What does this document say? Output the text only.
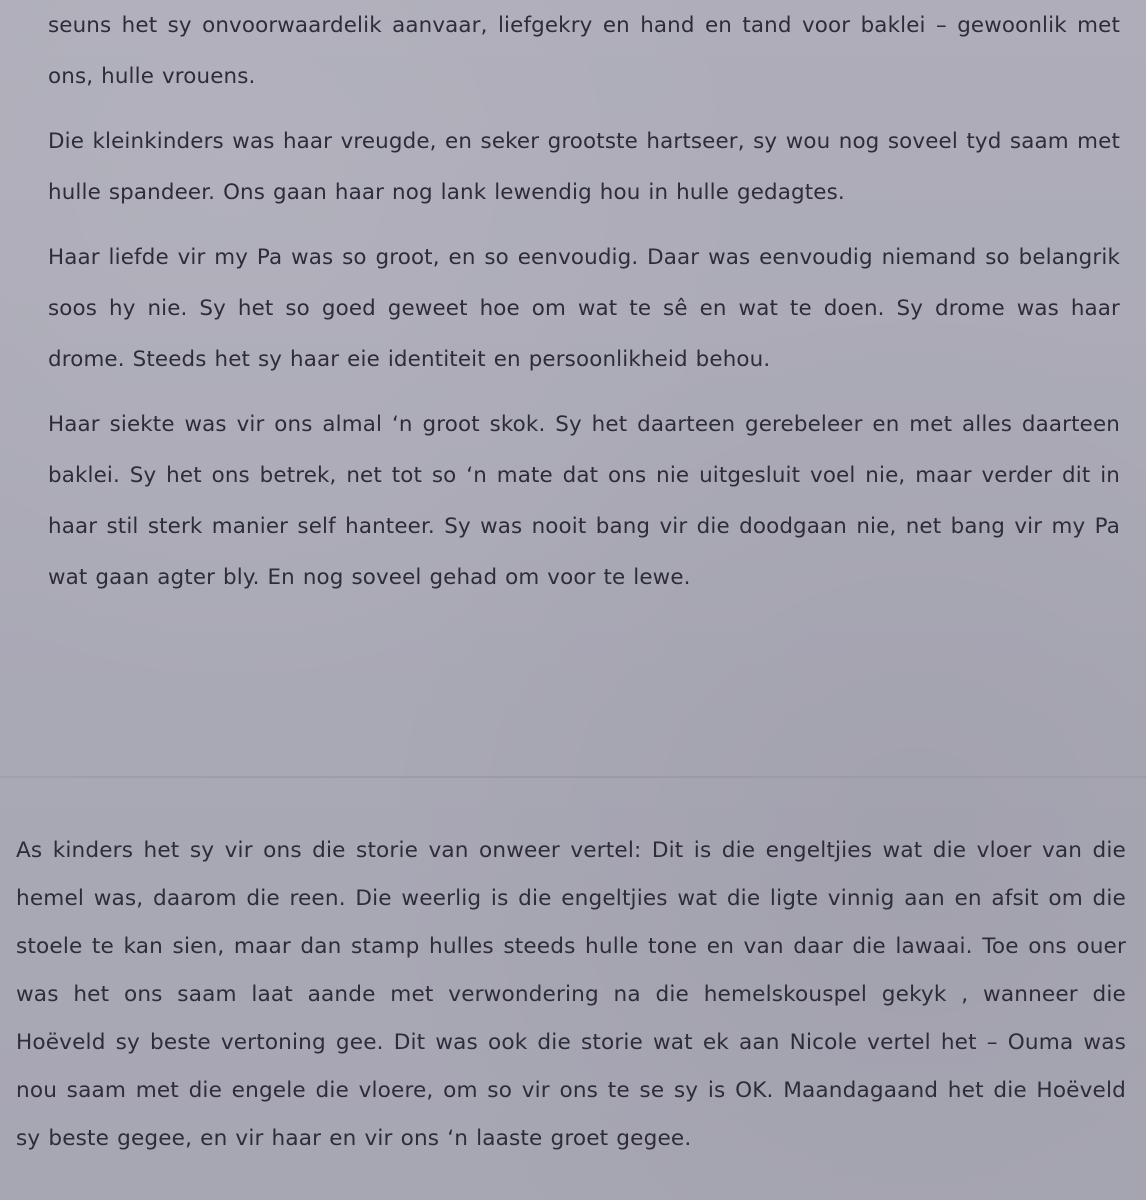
seuns het sy onvoorwaardelik aanvaar, liefgekry en hand en tand voor baklei – gewoonlik met ons, hulle vrouens.

Die kleinkinders was haar vreugde, en seker grootste hartseer, sy wou nog soveel tyd saam met hulle spandeer. Ons gaan haar nog lank lewendig hou in hulle gedagtes.

Haar liefde vir my Pa was so groot, en so eenvoudig. Daar was eenvoudig niemand so belangrik soos hy nie. Sy het so goed geweet hoe om wat te sê en wat te doen. Sy drome was haar drome. Steeds het sy haar eie identiteit en persoonlikheid behou.

Haar siekte was vir ons almal ‘n groot skok. Sy het daarteen gerebeleer en met alles daarteen baklei. Sy het ons betrek, net tot so ‘n mate dat ons nie uitgesluit voel nie, maar verder dit in haar stil sterk manier self hanteer. Sy was nooit bang vir die doodgaan nie, net bang vir my Pa wat gaan agter bly. En nog soveel gehad om voor te lewe.

As kinders het sy vir ons die storie van onweer vertel: Dit is die engeltjies wat die vloer van die hemel was, daarom die reen. Die weerlig is die engeltjies wat die ligte vinnig aan en afsit om die stoele te kan sien, maar dan stamp hulles steeds hulle tone en van daar die lawaai. Toe ons ouer was het ons saam laat aande met verwondering na die hemelskouspel gekyk , wanneer die Hoëveld sy beste vertoning gee. Dit was ook die storie wat ek aan Nicole vertel het – Ouma was nou saam met die engele die vloere, om so vir ons te se sy is OK. Maandagaand het die Hoëveld sy beste gegee, en vir haar en vir ons ‘n laaste groet gegee.
